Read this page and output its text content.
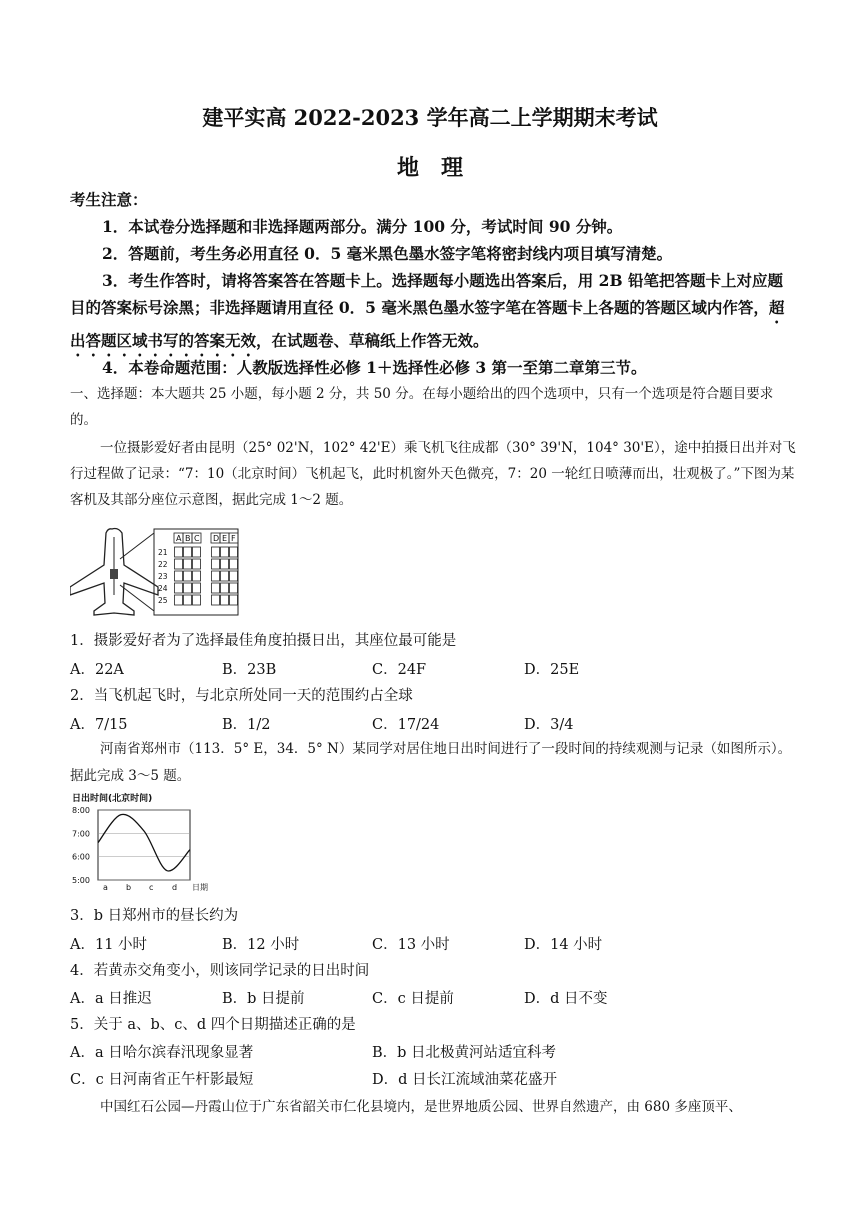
建平实高 2022-2023 学年高二上学期期末考试
地 理
考生注意：
1．本试卷分选择题和非选择题两部分。满分 100 分，考试时间 90 分钟。
2．答题前，考生务必用直径 0．5 毫米黑色墨水签字笔将密封线内项目填写清楚。
3．考生作答时，请将答案答在答题卡上。选择题每小题选出答案后，用 2B 铅笔把答题卡上对应题目的答案标号涂黑；非选择题请用直径 0．5 毫米黑色墨水签字笔在答题卡上各题的答题区域内作答，超出答题区域书写的答案无效，在试题卷、草稿纸上作答无效。
4．本卷命题范围：人教版选择性必修 1＋选择性必修 3 第一至第二章第三节。
一、选择题：本大题共 25 小题，每小题 2 分，共 50 分。在每小题给出的四个选项中，只有一个选项是符合题目要求的。
一位摄影爱好者由昆明（25° 02'N，102° 42'E）乘飞机飞往成都（30° 39'N，104° 30'E），途中拍摄日出并对飞行过程做了记录：“7：10（北京时间）飞机起飞，此时机窗外天色微亮，7：20 一轮红日喷薄而出，壮观极了。”下图为某客机及其部分座位示意图，据此完成 1～2 题。
A B C D E F
21
22
23
24
25
1．摄影爱好者为了选择最佳角度拍摄日出，其座位最可能是
A．22A	B．23B	C．24F	D．25E
2．当飞机起飞时，与北京所处同一天的范围约占全球
A．7/15	B．1/2	C．17/24	D．3/4
河南省郑州市（113．5° E，34．5° N）某同学对居住地日出时间进行了一段时间的持续观测与记录（如图所示）。据此完成 3～5 题。
日出时间(北京时间)
8:00
7:00
6:00
5:00
a b c d 日期
3．b 日郑州市的昼长约为
A．11 小时	B．12 小时	C．13 小时	D．14 小时
4．若黄赤交角变小，则该同学记录的日出时间
A．a 日推迟	B．b 日提前	C．c 日提前	D．d 日不变
5．关于 a、b、c、d 四个日期描述正确的是
A．a 日哈尔滨春汛现象显著	B．b 日北极黄河站适宜科考
C．c 日河南省正午杆影最短	D．d 日长江流域油菜花盛开
中国红石公园—丹霞山位于广东省韶关市仁化县境内，是世界地质公园、世界自然遗产，由 680 多座顶平、
